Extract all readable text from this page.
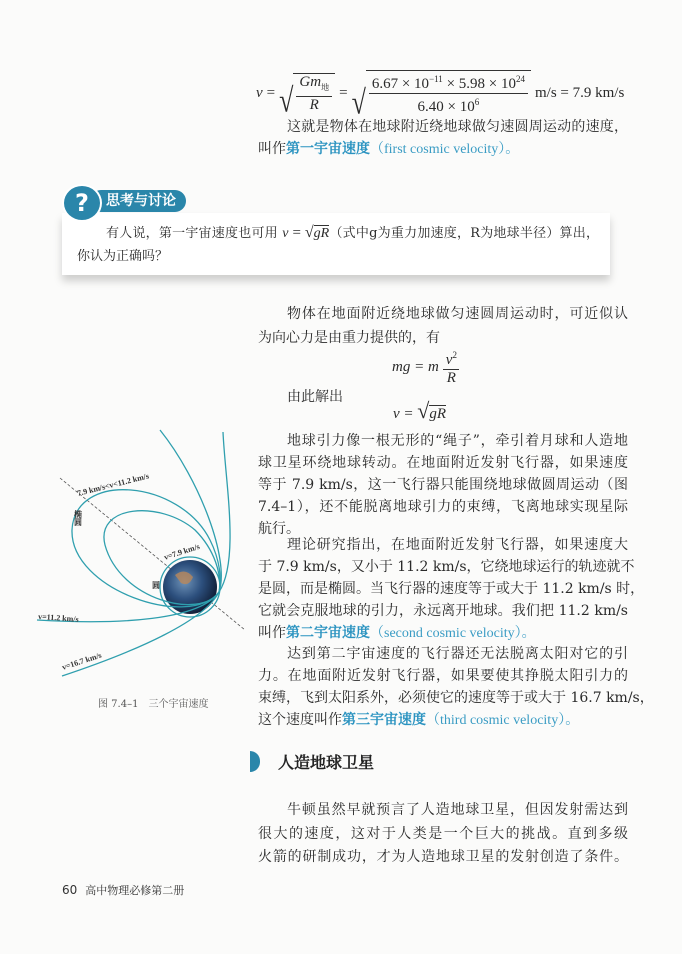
v = √ $\frac{Gm_地}{R}$ = √ $\frac{6.67 \times 10^{-11} \times 5.98 \times 10^{24}}{6.40 \times 10^6} m/s = 7.9$ km/s
这就是物体在地球附近绕地球做匀速圆周运动的速度，
叫作第一宇宙速度（first cosmic velocity）。
思考与讨论
?
有人说，第一宇宙速度也可用 v = √gR（式中g为重力加速度，R为地球半径）算出，
你认为正确吗？
物体在地面附近绕地球做匀速圆周运动时，可近似认
为向心力是由重力提供的，有
mg = m $\frac{v^2}{R}$
由此解出
v = √gR
地球引力像一根无形的“绳子”，牵引着月球和人造地
球卫星环绕地球转动。在地面附近发射飞行器，如果速度
等于 7.9 km/s，这一飞行器只能围绕地球做圆周运动（图
7.4–1），还不能脱离地球引力的束缚，飞离地球实现星际
航行。
理论研究指出，在地面附近发射飞行器，如果速度大
于 7.9 km/s，又小于 11.2 km/s，它绕地球运行的轨迹就不
是圆，而是椭圆。当飞行器的速度等于或大于 11.2 km/s 时，
它就会克服地球的引力，永远离开地球。我们把 11.2 km/s
叫作第二宇宙速度（second cosmic velocity）。
达到第二宇宙速度的飞行器还无法脱离太阳对它的引
力。在地面附近发射飞行器，如果要使其挣脱太阳引力的
束缚，飞到太阳系外，必须使它的速度等于或大于 16.7 km/s，
这个速度叫作第三宇宙速度（third cosmic velocity）。
7.9 km/s<v<11.2 km/s
椭圆
v=7.9 km/s
圆
v=11.2 km/s
v=16.7 km/s
图 7.4–1　三个宇宙速度
人造地球卫星
牛顿虽然早就预言了人造地球卫星，但因发射需达到
很大的速度，这对于人类是一个巨大的挑战。直到多级
火箭的研制成功，才为人造地球卫星的发射创造了条件。
60 高中物理必修第二册
